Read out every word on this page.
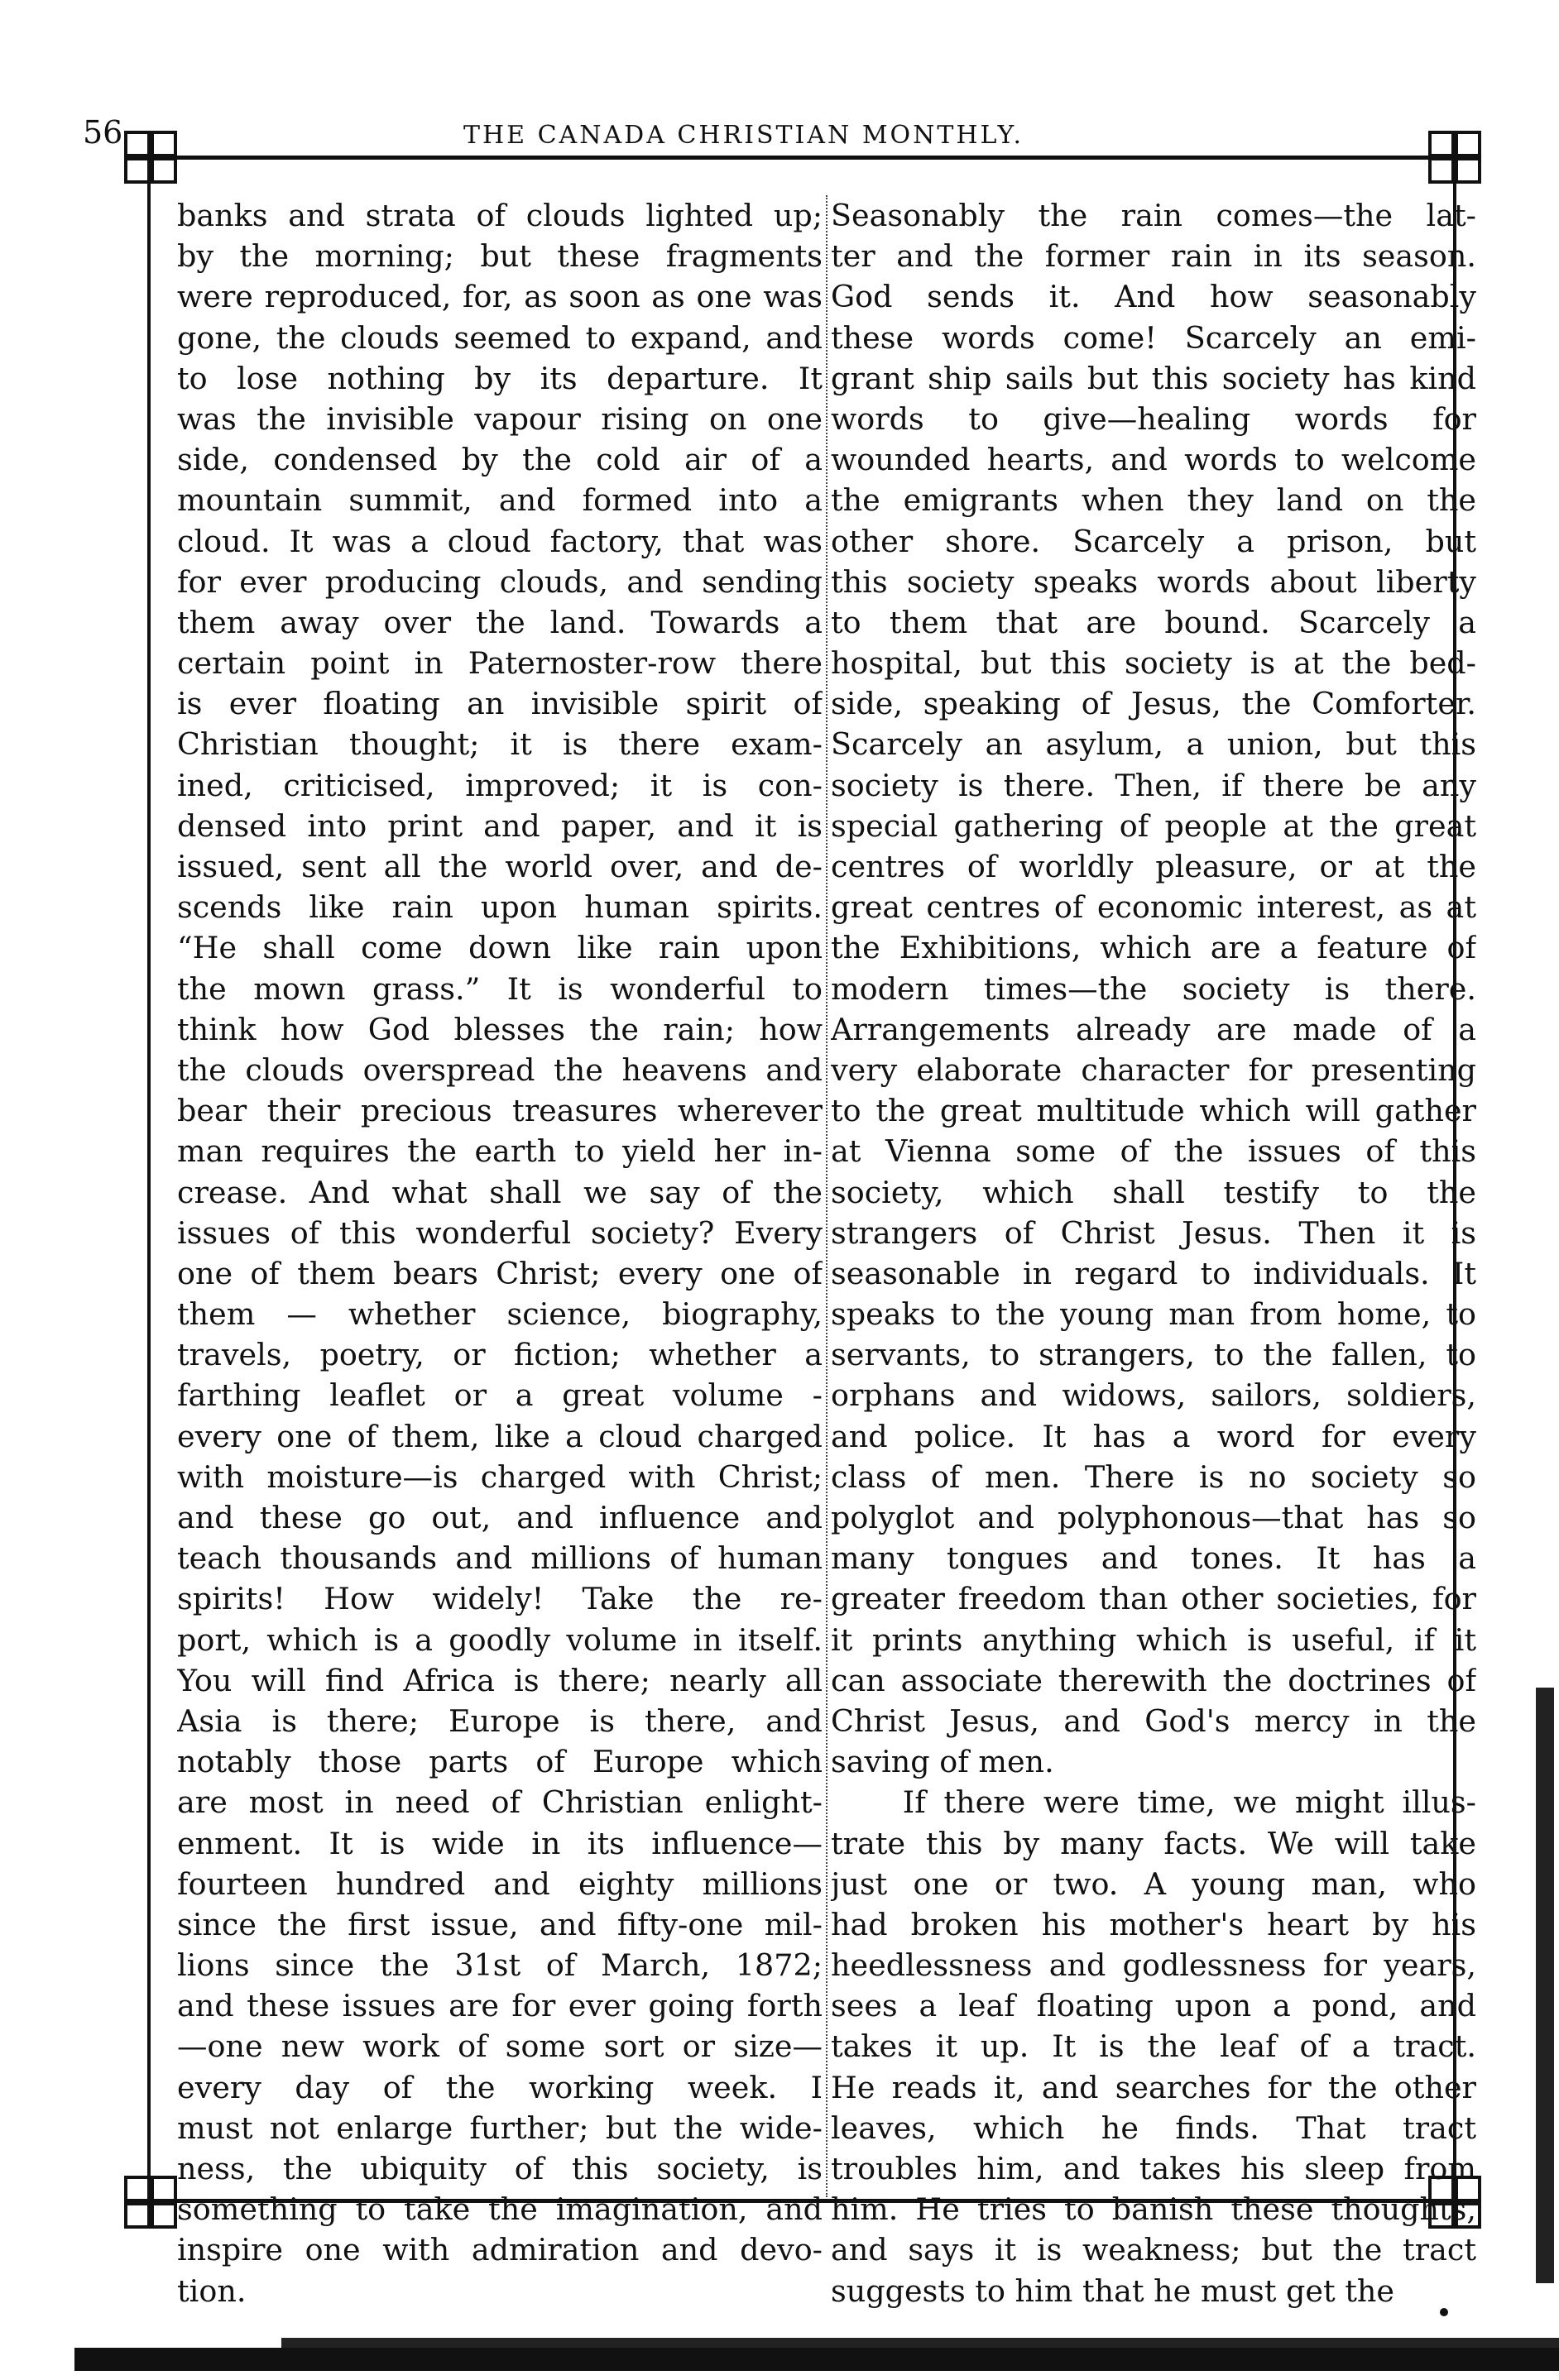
56	THE CANADA CHRISTIAN MONTHLY.
banks and strata of clouds lighted up;
by the morning; but these fragments
were reproduced, for, as soon as one was
gone, the clouds seemed to expand, and
to lose nothing by its departure. It
was the invisible vapour rising on one
side, condensed by the cold air of a
mountain summit, and formed into a
cloud. It was a cloud factory, that was
for ever producing clouds, and sending
them away over the land. Towards a
certain point in Paternoster-row there
is ever floating an invisible spirit of
Christian thought; it is there exam-
ined, criticised, improved; it is con-
densed into print and paper, and it is
issued, sent all the world over, and de-
scends like rain upon human spirits.
“He shall come down like rain upon
the mown grass.” It is wonderful to
think how God blesses the rain; how
the clouds overspread the heavens and
bear their precious treasures wherever
man requires the earth to yield her in-
crease. And what shall we say of the
issues of this wonderful society? Every
one of them bears Christ; every one of
them — whether science, biography,
travels, poetry, or fiction; whether a
farthing leaflet or a great volume -
every one of them, like a cloud charged
with moisture—is charged with Christ;
and these go out, and influence and
teach thousands and millions of human
spirits! How widely! Take the re-
port, which is a goodly volume in itself.
You will find Africa is there; nearly all
Asia is there; Europe is there, and
notably those parts of Europe which
are most in need of Christian enlight-
enment. It is wide in its influence—
fourteen hundred and eighty millions
since the first issue, and fifty-one mil-
lions since the 31st of March, 1872;
and these issues are for ever going forth
—one new work of some sort or size—
every day of the working week. I
must not enlarge further; but the wide-
ness, the ubiquity of this society, is
something to take the imagination, and
inspire one with admiration and devo-
tion.
Seasonably the rain comes—the lat-
ter and the former rain in its season.
God sends it. And how seasonably
these words come! Scarcely an emi-
grant ship sails but this society has kind
words to give—healing words for
wounded hearts, and words to welcome
the emigrants when they land on the
other shore. Scarcely a prison, but
this society speaks words about liberty
to them that are bound. Scarcely a
hospital, but this society is at the bed-
side, speaking of Jesus, the Comforter.
Scarcely an asylum, a union, but this
society is there. Then, if there be any
special gathering of people at the great
centres of worldly pleasure, or at the
great centres of economic interest, as at
the Exhibitions, which are a feature of
modern times—the society is there.
Arrangements already are made of a
very elaborate character for presenting
to the great multitude which will gather
at Vienna some of the issues of this
society, which shall testify to the
strangers of Christ Jesus. Then it is
seasonable in regard to individuals. It
speaks to the young man from home, to
servants, to strangers, to the fallen, to
orphans and widows, sailors, soldiers,
and police. It has a word for every
class of men. There is no society so
polyglot and polyphonous—that has so
many tongues and tones. It has a
greater freedom than other societies, for
it prints anything which is useful, if it
can associate therewith the doctrines of
Christ Jesus, and God's mercy in the
saving of men.
If there were time, we might illus-
trate this by many facts. We will take
just one or two. A young man, who
had broken his mother's heart by his
heedlessness and godlessness for years,
sees a leaf floating upon a pond, and
takes it up. It is the leaf of a tract.
He reads it, and searches for the other
leaves, which he finds. That tract
troubles him, and takes his sleep from
him. He tries to banish these thoughts,
and says it is weakness; but the tract
suggests to him that he must get the
